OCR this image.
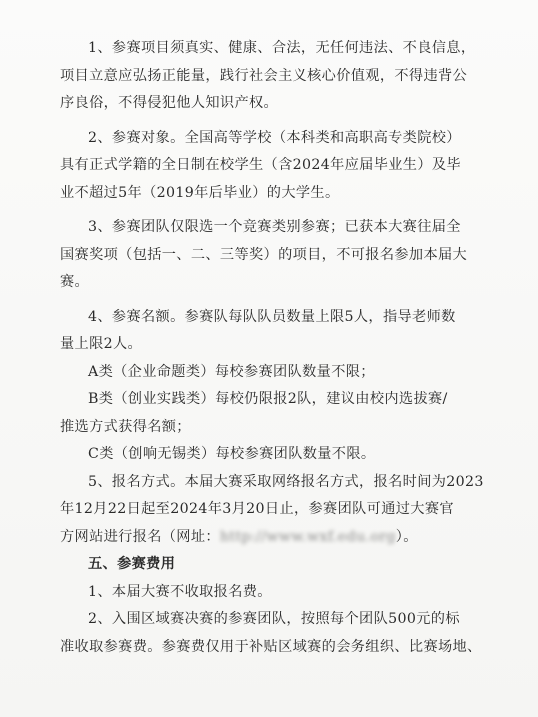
1、参赛项目须真实、健康、合法，无任何违法、不良信息，
项目立意应弘扬正能量，践行社会主义核心价值观，不得违背公
序良俗，不得侵犯他人知识产权。
2、参赛对象。全国高等学校（本科类和高职高专类院校）
具有正式学籍的全日制在校学生（含2024年应届毕业生）及毕
业不超过5年（2019年后毕业）的大学生。
3、参赛团队仅限选一个竞赛类别参赛；已获本大赛往届全
国赛奖项（包括一、二、三等奖）的项目，不可报名参加本届大
赛。
4、参赛名额。参赛队每队队员数量上限5人，指导老师数
量上限2人。
A类（企业命题类）每校参赛团队数量不限；
B类（创业实践类）每校仍限报2队，建议由校内选拔赛/
推选方式获得名额；
C类（创响无锡类）每校参赛团队数量不限。
5、报名方式。本届大赛采取网络报名方式，报名时间为2023
年12月22日起至2024年3月20日止，参赛团队可通过大赛官
方网站进行报名（网址：http://www.wxf.edu.org）。
五、参赛费用
1、本届大赛不收取报名费。
2、入围区域赛决赛的参赛团队，按照每个团队500元的标
准收取参赛费。参赛费仅用于补贴区域赛的会务组织、比赛场地、
